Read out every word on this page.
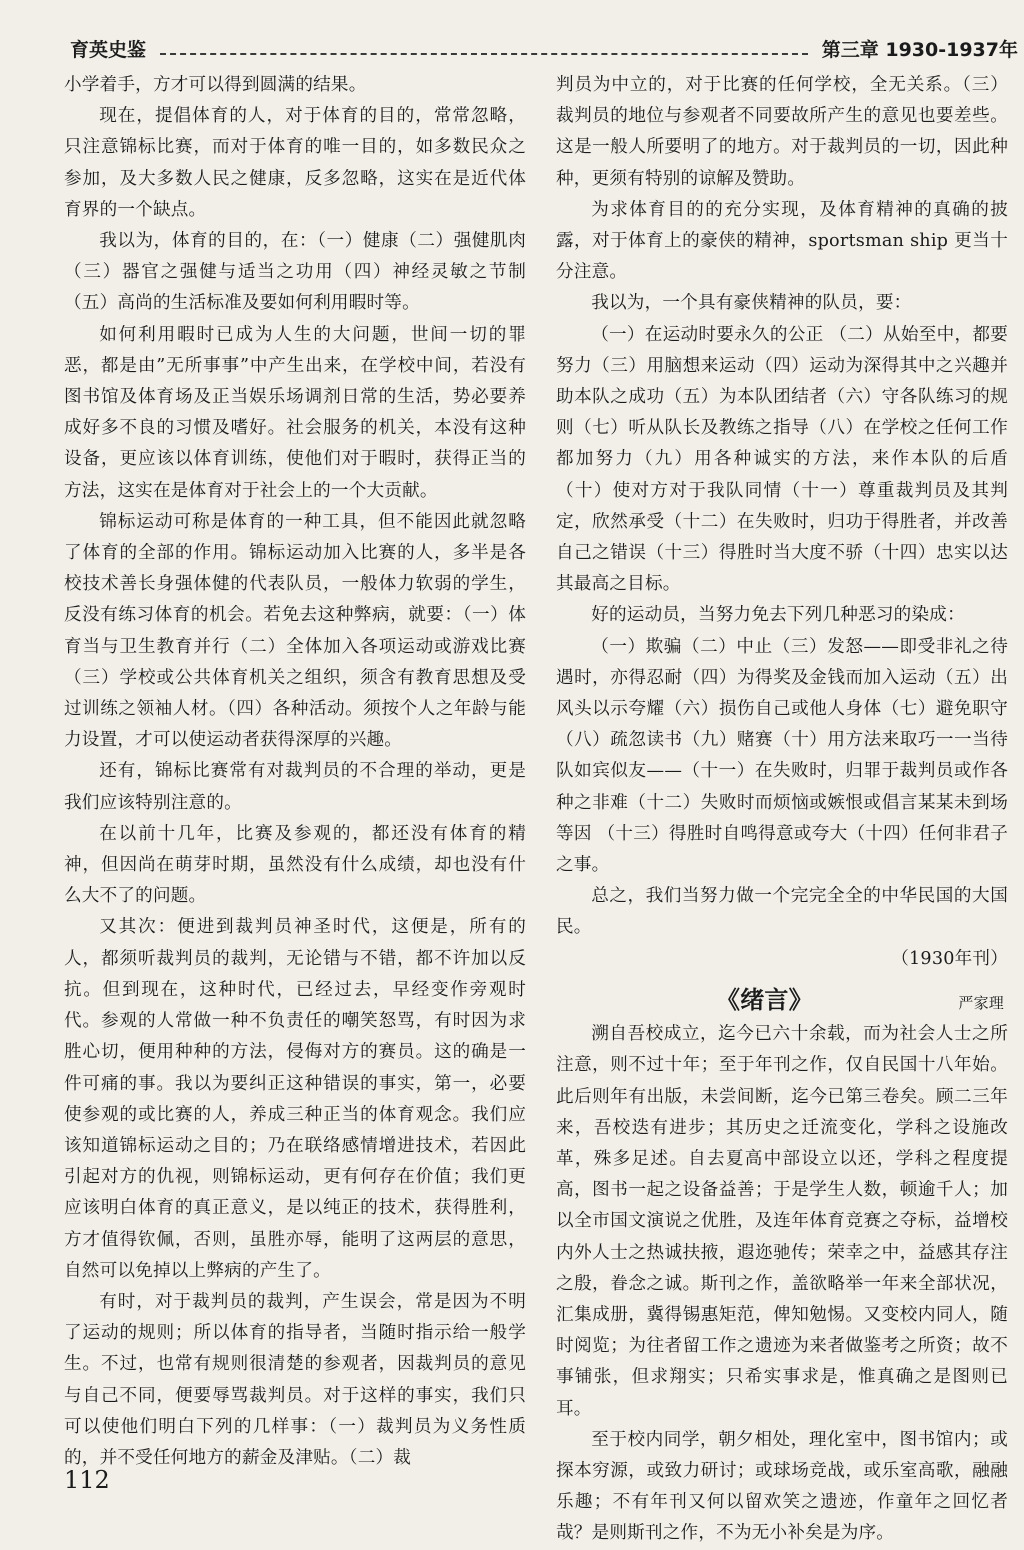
育英史鉴	第三章 1930-1937年

小学着手，方才可以得到圆满的结果。

现在，提倡体育的人，对于体育的目的，常常忽略，只注意锦标比赛，而对于体育的唯一目的，如多数民众之参加，及大多数人民之健康，反多忽略，这实在是近代体育界的一个缺点。

我以为，体育的目的，在：（一）健康（二）强健肌肉（三）器官之强健与适当之功用（四）神经灵敏之节制（五）高尚的生活标准及要如何利用暇时等。

如何利用暇时已成为人生的大问题，世间一切的罪恶，都是由”无所事事”中产生出来，在学校中间，若没有图书馆及体育场及正当娱乐场调剂日常的生活，势必要养成好多不良的习惯及嗜好。社会服务的机关，本没有这种设备，更应该以体育训练，使他们对于暇时，获得正当的方法，这实在是体育对于社会上的一个大贡献。

锦标运动可称是体育的一种工具，但不能因此就忽略了体育的全部的作用。锦标运动加入比赛的人，多半是各校技术善长身强体健的代表队员，一般体力软弱的学生，反没有练习体育的机会。若免去这种弊病，就要：（一）体育当与卫生教育并行（二）全体加入各项运动或游戏比赛（三）学校或公共体育机关之组织，须含有教育思想及受过训练之领袖人材。（四）各种活动。须按个人之年龄与能力设置，才可以使运动者获得深厚的兴趣。

还有，锦标比赛常有对裁判员的不合理的举动，更是我们应该特别注意的。

在以前十几年，比赛及参观的，都还没有体育的精神，但因尚在萌芽时期，虽然没有什么成绩，却也没有什么大不了的问题。

又其次：便进到裁判员神圣时代，这便是，所有的人，都须听裁判员的裁判，无论错与不错，都不许加以反抗。但到现在，这种时代，已经过去，早经变作旁观时代。参观的人常做一种不负责任的嘲笑怒骂，有时因为求胜心切，便用种种的方法，侵侮对方的赛员。这的确是一件可痛的事。我以为要纠正这种错误的事实，第一，必要使参观的或比赛的人，养成三种正当的体育观念。我们应该知道锦标运动之目的；乃在联络感情增进技术，若因此引起对方的仇视，则锦标运动，更有何存在价值；我们更应该明白体育的真正意义，是以纯正的技术，获得胜利，方才值得钦佩，否则，虽胜亦辱，能明了这两层的意思，自然可以免掉以上弊病的产生了。

有时，对于裁判员的裁判，产生误会，常是因为不明了运动的规则；所以体育的指导者，当随时指示给一般学生。不过，也常有规则很清楚的参观者，因裁判员的意见与自己不同，便要辱骂裁判员。对于这样的事实，我们只可以使他们明白下列的几样事：（一）裁判员为义务性质的，并不受任何地方的薪金及津贴。（二）裁

判员为中立的，对于比赛的任何学校，全无关系。（三）裁判员的地位与参观者不同要故所产生的意见也要差些。这是一般人所要明了的地方。对于裁判员的一切，因此种种，更须有特别的谅解及赞助。

为求体育目的的充分实现，及体育精神的真确的披露，对于体育上的豪侠的精神，sportsman ship 更当十分注意。

我以为，一个具有豪侠精神的队员，要：

（一）在运动时要永久的公正 （二）从始至中，都要努力（三）用脑想来运动（四）运动为深得其中之兴趣并助本队之成功（五）为本队团结者（六）守各队练习的规则（七）听从队长及教练之指导（八）在学校之任何工作都加努力（九）用各种诚实的方法，来作本队的后盾（十）使对方对于我队同情（十一）尊重裁判员及其判定，欣然承受（十二）在失败时，归功于得胜者，并改善自己之错误（十三）得胜时当大度不骄（十四）忠实以达其最高之目标。

好的运动员，当努力免去下列几种恶习的染成：

（一）欺骗（二）中止（三）发怒——即受非礼之待遇时，亦得忍耐（四）为得奖及金钱而加入运动（五）出风头以示夸耀（六）损伤自己或他人身体（七）避免职守（八）疏忽读书（九）赌赛（十）用方法来取巧一一当待队如宾似友——（十一）在失败时，归罪于裁判员或作各种之非难（十二）失败时而烦恼或嫉恨或倡言某某未到场等因 （十三）得胜时自鸣得意或夸大（十四）任何非君子之事。

总之，我们当努力做一个完完全全的中华民国的大国民。

（1930年刊）
《绪言》	严家理

溯自吾校成立，迄今已六十余载，而为社会人士之所注意，则不过十年；至于年刊之作，仅自民国十八年始。此后则年有出版，未尝间断，迄今已第三卷矣。顾二三年来，吾校迭有进步；其历史之迁流变化，学科之设施改革，殊多足述。自去夏高中部设立以还，学科之程度提高，图书一起之设备益善；于是学生人数，顿逾千人；加以全市国文演说之优胜，及连年体育竞赛之夺标，益增校内外人士之热诚扶掖，遐迩驰传；荣幸之中，益感其存注之殷，眷念之诚。斯刊之作，盖欲略举一年来全部状况，汇集成册，冀得锡惠矩范，俾知勉惕。又变校内同人，随时阅览；为往者留工作之遗迹为来者做鉴考之所资；故不事铺张，但求翔实；只希实事求是，惟真确之是图则已耳。

至于校内同学，朝夕相处，理化室中，图书馆内；或探本穷源，或致力研讨；或球场竞战，或乐室高歌，融融乐趣；不有年刊又何以留欢笑之遗迹，作童年之回忆者哉？是则斯刊之作，不为无小补矣是为序。

112
